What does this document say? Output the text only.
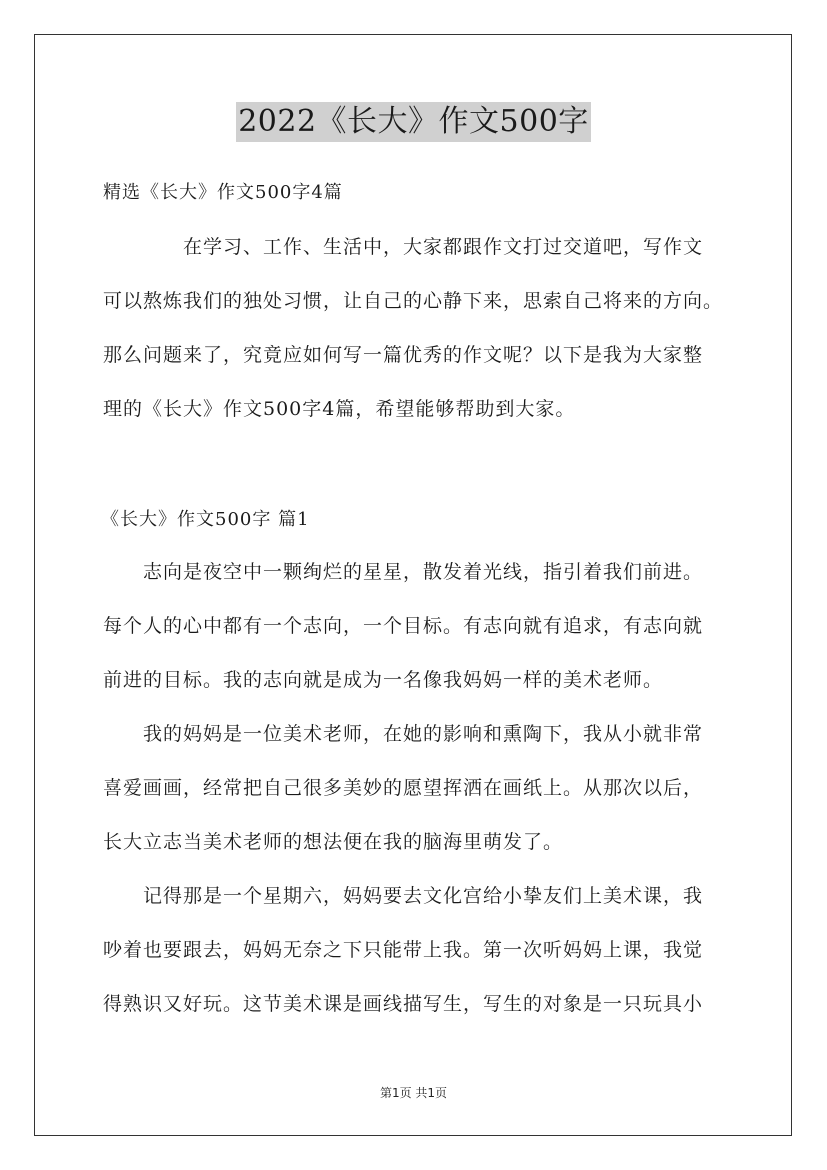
2022《长大》作文500字
精选《长大》作文500字4篇
在学习、工作、生活中，大家都跟作文打过交道吧，写作文
可以熬炼我们的独处习惯，让自己的心静下来，思索自己将来的方向。
那么问题来了，究竟应如何写一篇优秀的作文呢？以下是我为大家整
理的《长大》作文500字4篇，希望能够帮助到大家。
《长大》作文500字 篇1
志向是夜空中一颗绚烂的星星，散发着光线，指引着我们前进。
每个人的心中都有一个志向，一个目标。有志向就有追求，有志向就
前进的目标。我的志向就是成为一名像我妈妈一样的美术老师。
我的妈妈是一位美术老师，在她的影响和熏陶下，我从小就非常
喜爱画画，经常把自己很多美妙的愿望挥洒在画纸上。从那次以后，
长大立志当美术老师的想法便在我的脑海里萌发了。
记得那是一个星期六，妈妈要去文化宫给小挚友们上美术课，我
吵着也要跟去，妈妈无奈之下只能带上我。第一次听妈妈上课，我觉
得熟识又好玩。这节美术课是画线描写生，写生的对象是一只玩具小
第1页 共1页
